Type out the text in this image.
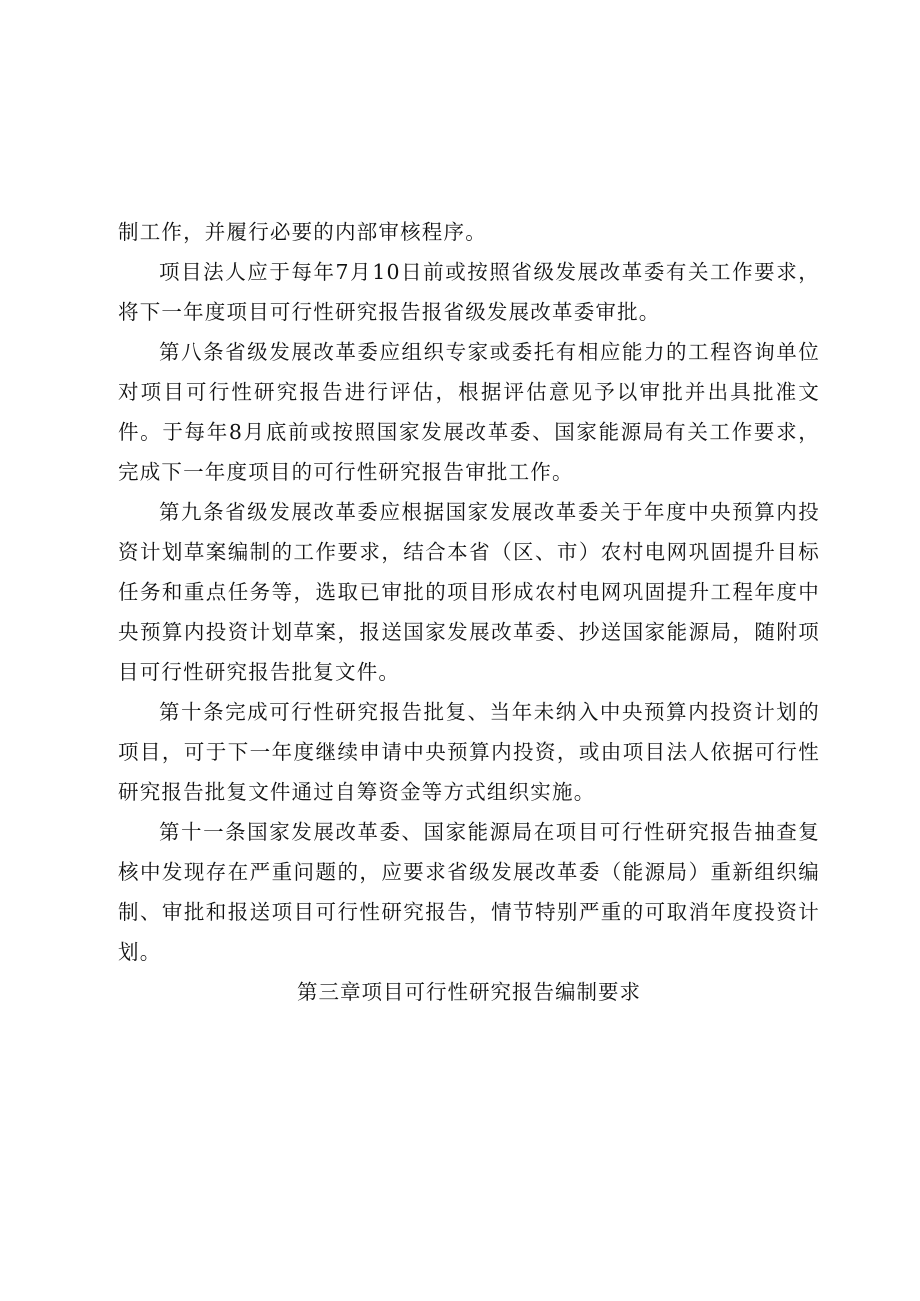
制工作，并履行必要的内部审核程序。

项目法人应于每年7月10日前或按照省级发展改革委有关工作要求，将下一年度项目可行性研究报告报省级发展改革委审批。

第八条省级发展改革委应组织专家或委托有相应能力的工程咨询单位对项目可行性研究报告进行评估，根据评估意见予以审批并出具批准文件。于每年8月底前或按照国家发展改革委、国家能源局有关工作要求，完成下一年度项目的可行性研究报告审批工作。

第九条省级发展改革委应根据国家发展改革委关于年度中央预算内投资计划草案编制的工作要求，结合本省（区、市）农村电网巩固提升目标任务和重点任务等，选取已审批的项目形成农村电网巩固提升工程年度中央预算内投资计划草案，报送国家发展改革委、抄送国家能源局，随附项目可行性研究报告批复文件。

第十条完成可行性研究报告批复、当年未纳入中央预算内投资计划的项目，可于下一年度继续申请中央预算内投资，或由项目法人依据可行性研究报告批复文件通过自筹资金等方式组织实施。

第十一条国家发展改革委、国家能源局在项目可行性研究报告抽查复核中发现存在严重问题的，应要求省级发展改革委（能源局）重新组织编制、审批和报送项目可行性研究报告，情节特别严重的可取消年度投资计划。

第三章项目可行性研究报告编制要求
